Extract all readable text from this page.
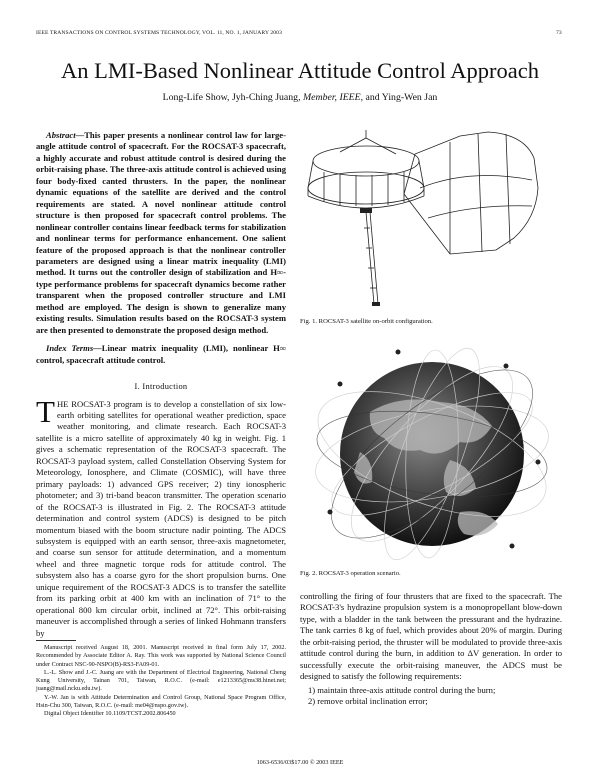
IEEE TRANSACTIONS ON CONTROL SYSTEMS TECHNOLOGY, VOL. 11, NO. 1, JANUARY 2003	73
An LMI-Based Nonlinear Attitude Control Approach
Long-Life Show, Jyh-Ching Juang, Member, IEEE, and Ying-Wen Jan

Abstract—This paper presents a nonlinear control law for large-angle attitude control of spacecraft. For the ROCSAT-3 spacecraft, a highly accurate and robust attitude control is desired during the orbit-raising phase. The three-axis attitude control is achieved using four body-fixed canted thrusters. In the paper, the nonlinear dynamic equations of the satellite are derived and the control requirements are stated. A novel nonlinear attitude control structure is then proposed for spacecraft control problems. The nonlinear controller contains linear feedback terms for stabilization and nonlinear terms for performance enhancement. One salient feature of the proposed approach is that the nonlinear controller parameters are designed using a linear matrix inequality (LMI) method. It turns out the controller design of stabilization and H∞-type performance problems for spacecraft dynamics become rather transparent when the proposed controller structure and LMI method are employed. The design is shown to generalize many existing results. Simulation results based on the ROCSAT-3 system are then presented to demonstrate the proposed design method.

Index Terms—Linear matrix inequality (LMI), nonlinear H∞ control, spacecraft attitude control.

I. Introduction

THE ROCSAT-3 program is to develop a constellation of six low-earth orbiting satellites for operational weather prediction, space weather monitoring, and climate research. Each ROCSAT-3 satellite is a micro satellite of approximately 40 kg in weight. Fig. 1 gives a schematic representation of the ROCSAT-3 spacecraft. The ROCSAT-3 payload system, called Constellation Observing System for Meteorology, Ionosphere, and Climate (COSMIC), will have three primary payloads: 1) advanced GPS receiver; 2) tiny ionospheric photometer; and 3) tri-band beacon transmitter. The operation scenario of the ROCSAT-3 is illustrated in Fig. 2. The ROCSAT-3 attitude determination and control system (ADCS) is designed to be pitch momentum biased with the boom structure nadir pointing. The ADCS subsystem is equipped with an earth sensor, three-axis magnetometer, and coarse sun sensor for attitude determination, and a momentum wheel and three magnetic torque rods for attitude control. The subsystem also has a coarse gyro for the short propulsion burns. One unique requirement of the ROCSAT-3 ADCS is to transfer the satellite from its parking orbit at 400 km with an inclination of 71° to the operational 800 km circular orbit, inclined at 72°. This orbit-raising maneuver is accomplished through a series of linked Hohmann transfers by

Manuscript received August 18, 2001. Manuscript received in final form July 17, 2002. Recommended by Associate Editor A. Ray. This work was supported by National Science Council under Contract NSC-90-NSPO(B)-RS3-FA09-01.

L.-L. Show and J.-C. Juang are with the Department of Electrical Engineering, National Cheng Kung University, Tainan 701, Taiwan, R.O.C. (e-mail: e1213365@ms38.hinet.net; juang@mail.ncku.edu.tw).

Y.-W. Jan is with Attitude Determination and Control Group, National Space Program Office, Hsin-Chu 300, Taiwan, R.O.C. (e-mail: me04@nspo.gov.tw).

Digital Object Identifier 10.1109/TCST.2002.806450

Fig. 1. ROCSAT-3 satellite on-orbit configuration.
Fig. 2. ROCSAT-3 operation scenario.

controlling the firing of four thrusters that are fixed to the spacecraft. The ROCSAT-3's hydrazine propulsion system is a monopropellant blow-down type, with a bladder in the tank between the pressurant and the hydrazine. The tank carries 8 kg of fuel, which provides about 20% of margin. During the orbit-raising period, the thruster will be modulated to provide three-axis attitude control during the burn, in addition to ΔV generation. In order to successfully execute the orbit-raising maneuver, the ADCS must be designed to satisfy the following requirements:

1) maintain three-axis attitude control during the burn;
2) remove orbital inclination error;
1063-6536/03$17.00 © 2003 IEEE
